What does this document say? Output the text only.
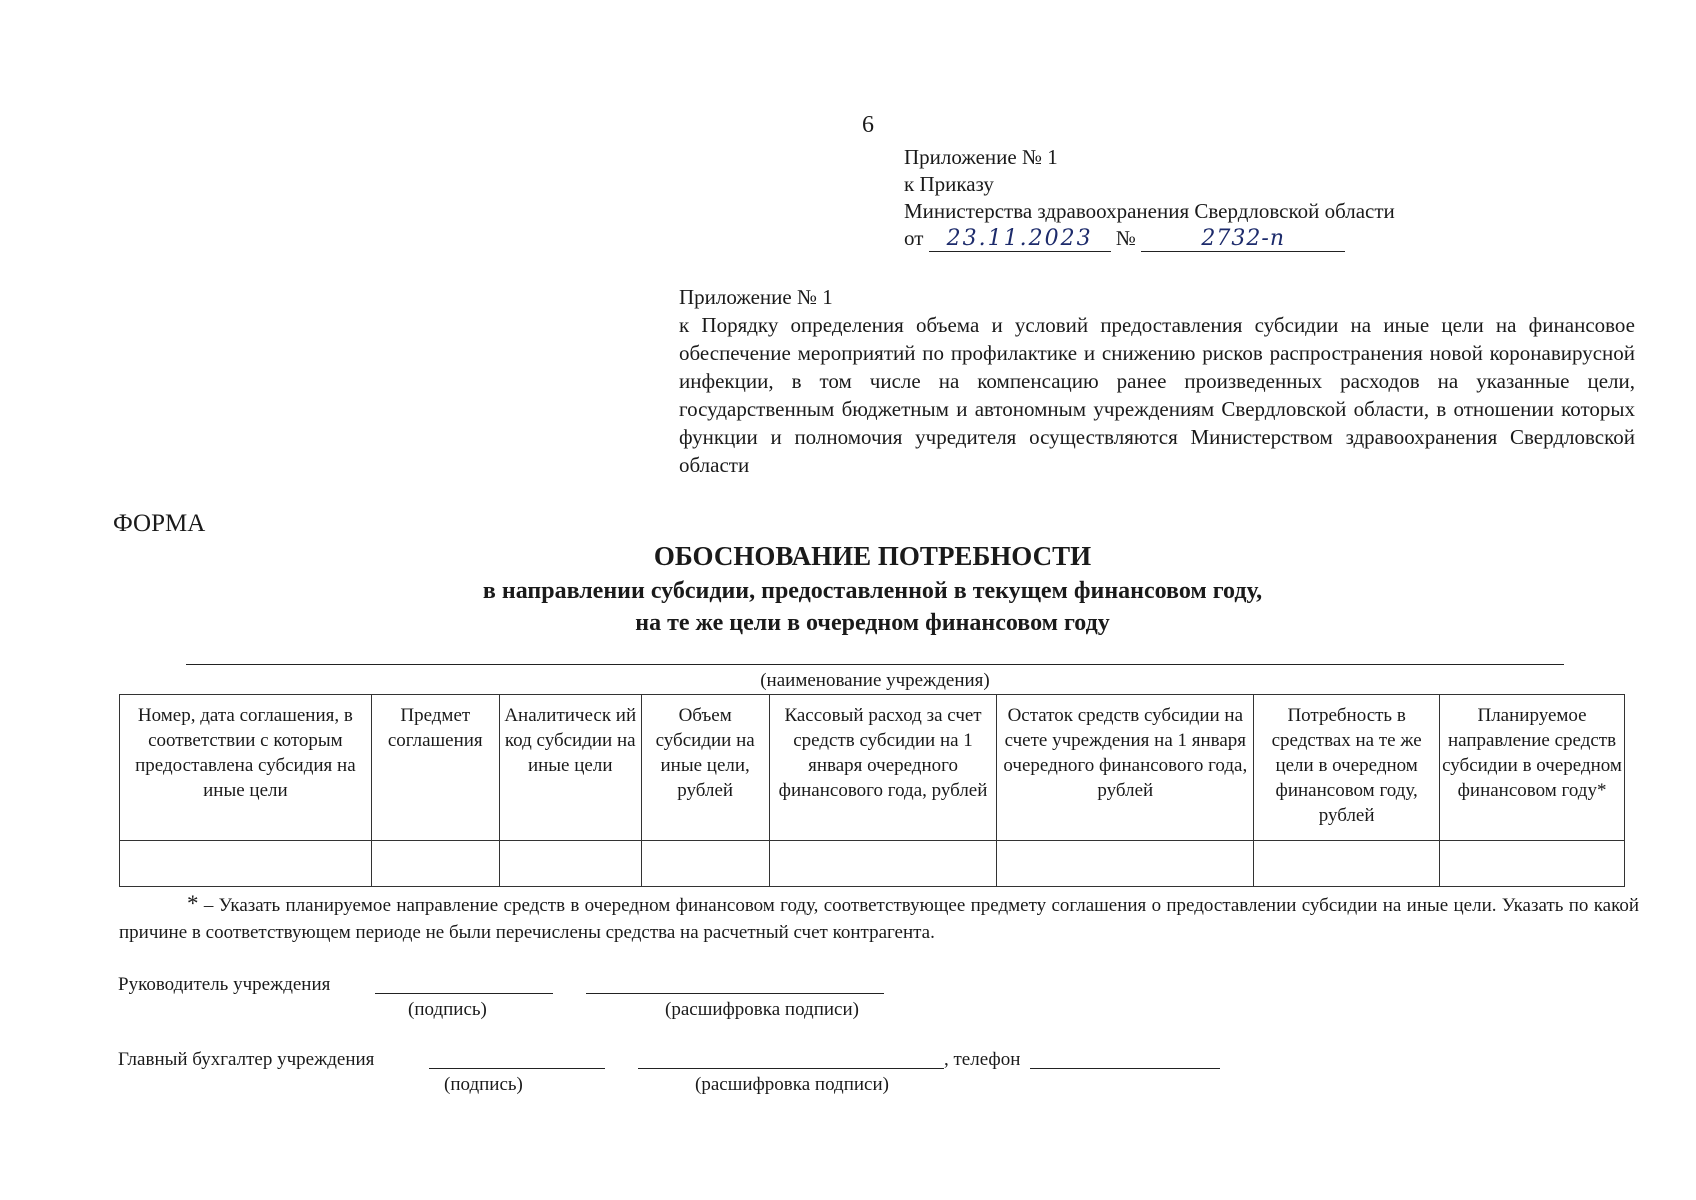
6
Приложение № 1
к Приказу
Министерства здравоохранения Свердловской области
от 23.11.2023 №	2732-п
Приложение № 1
к Порядку определения объема и условий предоставления субсидии на иные цели на финансовое обеспечение мероприятий по профилактике и снижению рисков распространения новой коронавирусной инфекции, в том числе на компенсацию ранее произведенных расходов на указанные цели, государственным бюджетным и автономным учреждениям Свердловской области, в отношении которых функции и полномочия учредителя осуществляются Министерством здравоохранения Свердловской области
ФОРМА
ОБОСНОВАНИЕ ПОТРЕБНОСТИ
в направлении субсидии, предоставленной в текущем финансовом году,
на те же цели в очередном финансовом году
(наименование учреждения)
Номер, дата соглашения, в соответствии с которым предоставлена субсидия на иные цели	Предмет соглашения	Аналитическ ий код субсидии на иные цели	Объем субсидии на иные цели, рублей	Кассовый расход за счет средств субсидии на 1 января очередного финансового года, рублей	Остаток средств субсидии на счете учреждения на 1 января очередного финансового года, рублей	Потребность в средствах на те же цели в очередном финансовом году, рублей	Планируемое направление средств субсидии в очередном финансовом году*

* – Указать планируемое направление средств в очередном финансовом году, соответствующее предмету соглашения о предоставлении субсидии на иные цели. Указать по какой причине в соответствующем периоде не были перечислены средства на расчетный счет контрагента.
Руководитель учреждения
(подпись)	(расшифровка подписи)
Главный бухгалтер учреждения	, телефон
(подпись)	(расшифровка подписи)
